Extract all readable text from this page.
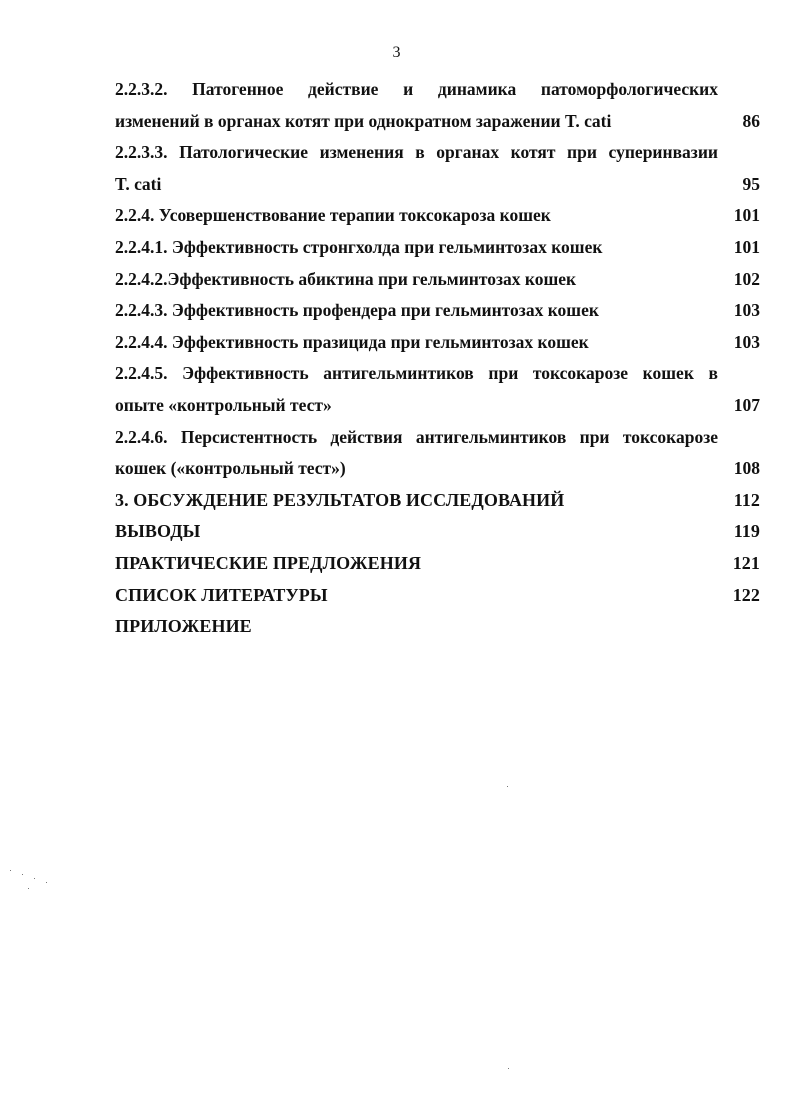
3
2.2.3.2. Патогенное действие и динамика патоморфологических
изменений в органах котят при однократном заражении T. cati	86
2.2.3.3. Патологические изменения в органах котят при суперинвазии
T. cati	95
2.2.4. Усовершенствование терапии токсокароза кошек	101
2.2.4.1. Эффективность стронгхолда при гельминтозах кошек	101
2.2.4.2.Эффективность абиктина при гельминтозах кошек	102
2.2.4.3. Эффективность профендера при гельминтозах кошек	103
2.2.4.4. Эффективность празицида при гельминтозах кошек	103
2.2.4.5. Эффективность антигельминтиков при токсокарозе кошек в
опыте «контрольный тест»	107
2.2.4.6. Персистентность действия антигельминтиков при токсокарозе
кошек («контрольный тест»)	108
3. ОБСУЖДЕНИЕ РЕЗУЛЬТАТОВ ИССЛЕДОВАНИЙ	112
ВЫВОДЫ	119
ПРАКТИЧЕСКИЕ ПРЕДЛОЖЕНИЯ	121
СПИСОК ЛИТЕРАТУРЫ	122
ПРИЛОЖЕНИЕ
